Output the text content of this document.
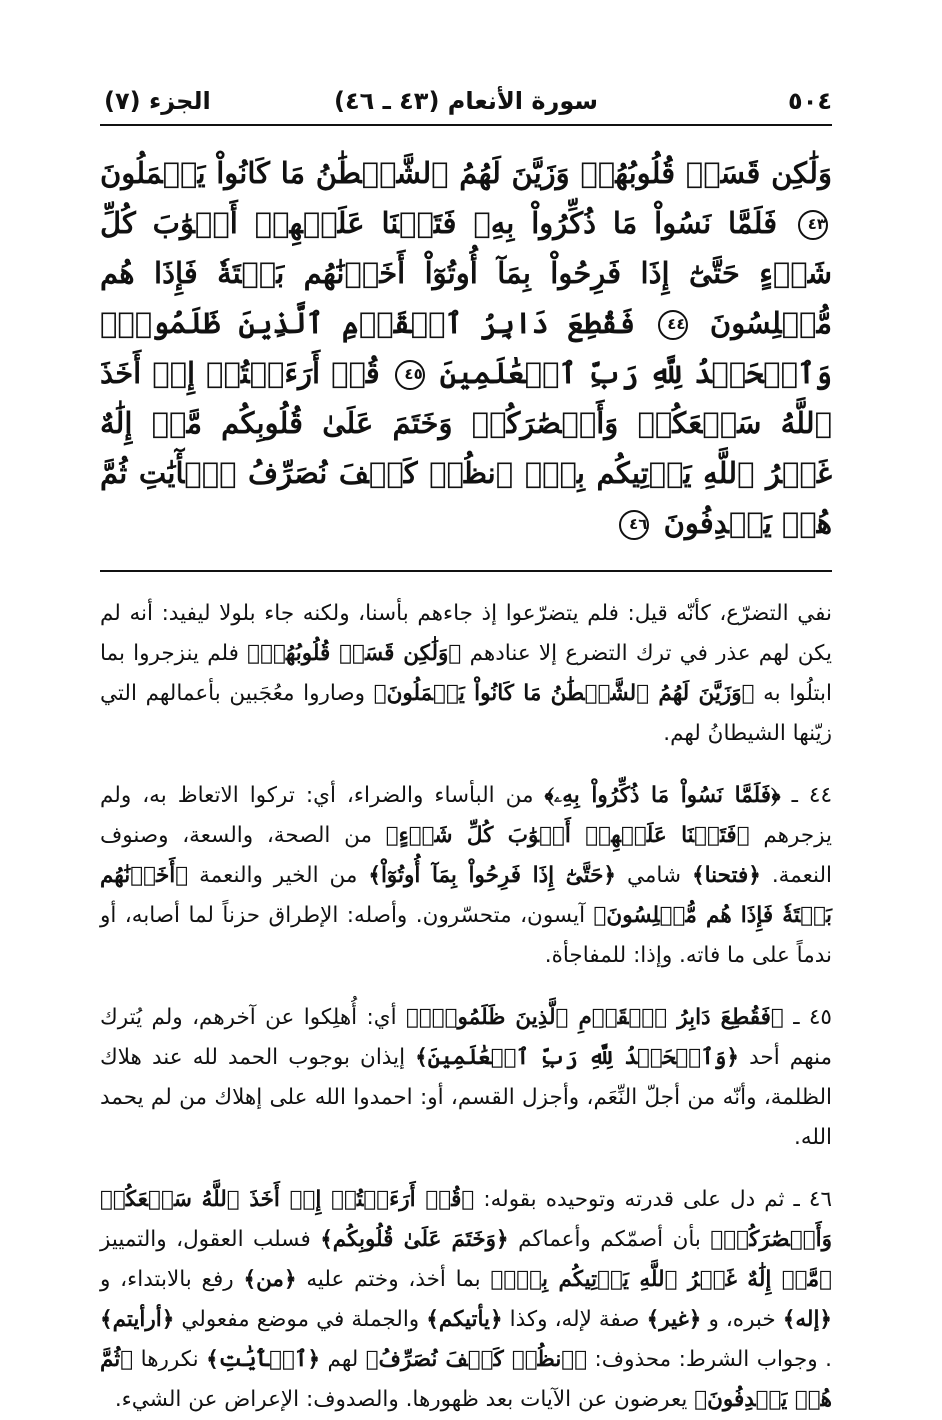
٥٠٤
سورة الأنعام (٤٣ ـ ٤٦)
الجزء (٧)
وَلَٰكِن قَسَتۡ قُلُوبُهُمۡ وَزَيَّنَ لَهُمُ ٱلشَّيۡطَٰنُ مَا كَانُواْ يَعۡمَلُونَ ٤٣ فَلَمَّا نَسُواْ مَا ذُكِّرُواْ بِهِۦ فَتَحۡنَا عَلَيۡهِمۡ أَبۡوَٰبَ كُلِّ شَيۡءٍ حَتَّىٰٓ إِذَا فَرِحُواْ بِمَآ أُوتُوٓاْ أَخَذۡنَٰهُم بَغۡتَةٗ فَإِذَا هُم مُّبۡلِسُونَ ٤٤ فَقُطِعَ دَابِرُ ٱلۡقَوۡمِ ٱلَّذِينَ ظَلَمُواْۚ وَٱلۡحَمۡدُ لِلَّهِ رَبِّ ٱلۡعَٰلَمِينَ ٤٥ قُلۡ أَرَءَيۡتُمۡ إِنۡ أَخَذَ ٱللَّهُ سَمۡعَكُمۡ وَأَبۡصَٰرَكُمۡ وَخَتَمَ عَلَىٰ قُلُوبِكُم مَّنۡ إِلَٰهٌ غَيۡرُ ٱللَّهِ يَأۡتِيكُم بِهِۗ ٱنظُرۡ كَيۡفَ نُصَرِّفُ ٱلۡأٓيَٰتِ ثُمَّ هُمۡ يَصۡدِفُونَ ٤٦

نفي التضرّع، كأنّه قيل: فلم يتضرّعوا إذ جاءهم بأسنا، ولكنه جاء بلولا ليفيد: أنه لم يكن لهم عذر في ترك التضرع إلا عنادهم ﴿وَلَٰكِن قَسَتۡ قُلُوبُهُمۡ﴾ فلم ينزجروا بما ابتلُوا به ﴿وَزَيَّنَ لَهُمُ ٱلشَّيۡطَٰنُ مَا كَانُواْ يَعۡمَلُونَ﴾ وصاروا معُجَبين بأعمالهم التي زيّنها الشيطانُ لهم.

٤٤ ـ ﴿فَلَمَّا نَسُواْ مَا ذُكِّرُواْ بِهِۦ﴾ من البأساء والضراء، أي: تركوا الاتعاظ به، ولم يزجرهم ﴿فَتَحۡنَا عَلَيۡهِمۡ أَبۡوَٰبَ كُلِّ شَيۡءٍ﴾ من الصحة، والسعة، وصنوف النعمة. ﴿فتحنا﴾ شامي ﴿حَتَّىٰٓ إِذَا فَرِحُواْ بِمَآ أُوتُوٓاْ﴾ من الخير والنعمة ﴿أَخَذۡنَٰهُم بَغۡتَةٗ فَإِذَا هُم مُّبۡلِسُونَ﴾ آيسون، متحسّرون. وأصله: الإطراق حزناً لما أصابه، أو ندماً على ما فاته. وإذا: للمفاجأة.

٤٥ ـ ﴿فَقُطِعَ دَابِرُ ٱلۡقَوۡمِ ٱلَّذِينَ ظَلَمُواْۚ﴾ أي: أُهلِكوا عن آخرهم، ولم يُترك منهم أحد ﴿وَٱلۡحَمۡدُ لِلَّهِ رَبِّ ٱلۡعَٰلَمِينَ﴾ إيذان بوجوب الحمد لله عند هلاك الظلمة، وأنّه من أجلّ النِّعَم، وأجزل القسم، أو: احمدوا الله على إهلاك من لم يحمد الله.

٤٦ ـ ثم دل على قدرته وتوحيده بقوله: ﴿قُلۡ أَرَءَيۡتُمۡ إِنۡ أَخَذَ ٱللَّهُ سَمۡعَكُمۡ وَأَبۡصَٰرَكُمۡ﴾ بأن أصمّكم وأعماكم ﴿وَخَتَمَ عَلَىٰ قُلُوبِكُم﴾ فسلب العقول، والتمييز ﴿مَّنۡ إِلَٰهٌ غَيۡرُ ٱللَّهِ يَأۡتِيكُم بِهِۗ﴾ بما أخذ، وختم عليه ﴿من﴾ رفع بالابتداء، و ﴿إله﴾ خبره، و ﴿غير﴾ صفة لإله، وكذا ﴿يأتيكم﴾ والجملة في موضع مفعولي ﴿أرأيتم﴾ . وجواب الشرط: محذوف: ﴿ٱنظُرۡ كَيۡفَ نُصَرِّفُ﴾ لهم ﴿ٱلۡأٓيَٰتِ﴾ نكررها ﴿ثُمَّ هُمۡ يَصۡدِفُونَ﴾ يعرضون عن الآيات بعد ظهورها. والصدوف: الإعراض عن الشيء.
